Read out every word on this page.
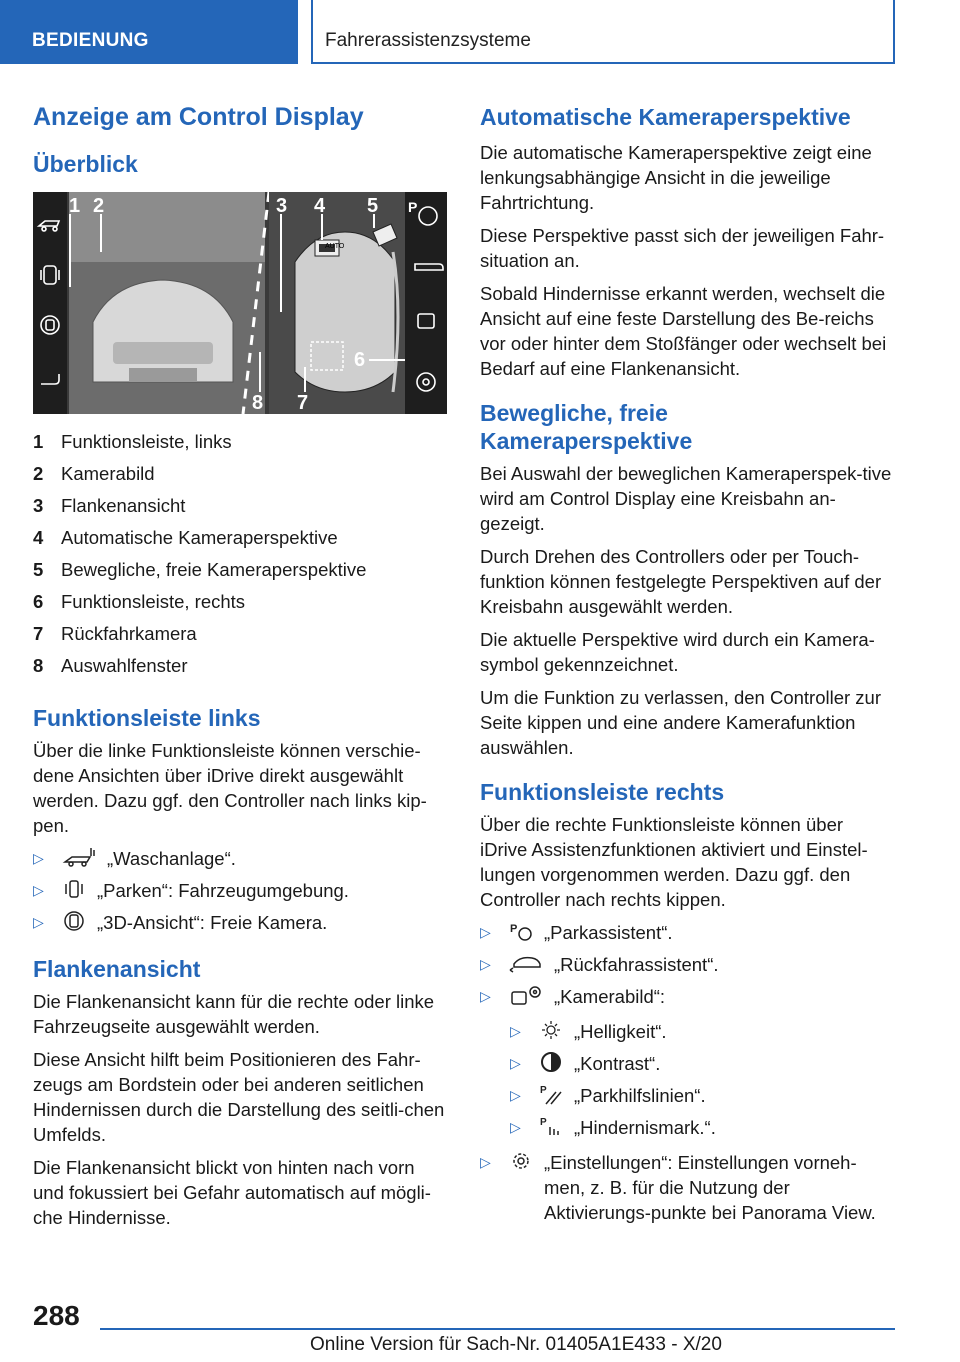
BEDIENUNG	Fahrerassistenzsysteme
Anzeige am Control Display
Überblick
AUTO
P
1 2	3 4 5
6
7
8
1 Funktionsleiste, links
2 Kamerabild
3 Flankenansicht
4 Automatische Kameraperspektive
5 Bewegliche, freie Kameraperspektive
6 Funktionsleiste, rechts
7 Rückfahrkamera
8 Auswahlfenster
Funktionsleiste links

Über die linke Funktionsleiste können verschie-dene Ansichten über iDrive direkt ausgewählt werden. Dazu ggf. den Controller nach links kip-pen.

▷	„Waschanlage“.
▷	„Parken“: Fahrzeugumgebung.
▷	„3D-Ansicht“: Freie Kamera.
Flankenansicht

Die Flankenansicht kann für die rechte oder linke Fahrzeugseite ausgewählt werden.

Diese Ansicht hilft beim Positionieren des Fahr-zeugs am Bordstein oder bei anderen seitlichen Hindernissen durch die Darstellung des seitli-chen Umfelds.

Die Flankenansicht blickt von hinten nach vorn und fokussiert bei Gefahr automatisch auf mögli-che Hindernisse.

Automatische Kameraperspektive

Die automatische Kameraperspektive zeigt eine lenkungsabhängige Ansicht in die jeweilige Fahrtrichtung.

Diese Perspektive passt sich der jeweiligen Fahr-situation an.

Sobald Hindernisse erkannt werden, wechselt die Ansicht auf eine feste Darstellung des Be-reichs vor oder hinter dem Stoßfänger oder wechselt bei Bedarf auf eine Flankenansicht.

Bewegliche, freie Kameraperspektive

Bei Auswahl der beweglichen Kameraperspek-tive wird am Control Display eine Kreisbahn an-gezeigt.

Durch Drehen des Controllers oder per Touch-funktion können festgelegte Perspektiven auf der Kreisbahn ausgewählt werden.

Die aktuelle Perspektive wird durch ein Kamera-symbol gekennzeichnet.

Um die Funktion zu verlassen, den Controller zur Seite kippen und eine andere Kamerafunktion auswählen.

Funktionsleiste rechts

Über die rechte Funktionsleiste können über iDrive Assistenzfunktionen aktiviert und Einstel-lungen vorgenommen werden. Dazu ggf. den Controller nach rechts kippen.

▷	P „Parkassistent“.
▷	„Rückfahrassistent“.
▷	„Kamerabild“:
▷	„Helligkeit“.
▷	„Kontrast“.
▷	P „Parkhilfslinien“.
▷	P „Hindernismark.“.
▷	„Einstellungen“: Einstellungen vorneh-men, z. B. für die Nutzung der Aktivierungs-punkte bei Panorama View.
288
Online Version für Sach-Nr. 01405A1E433 - X/20
